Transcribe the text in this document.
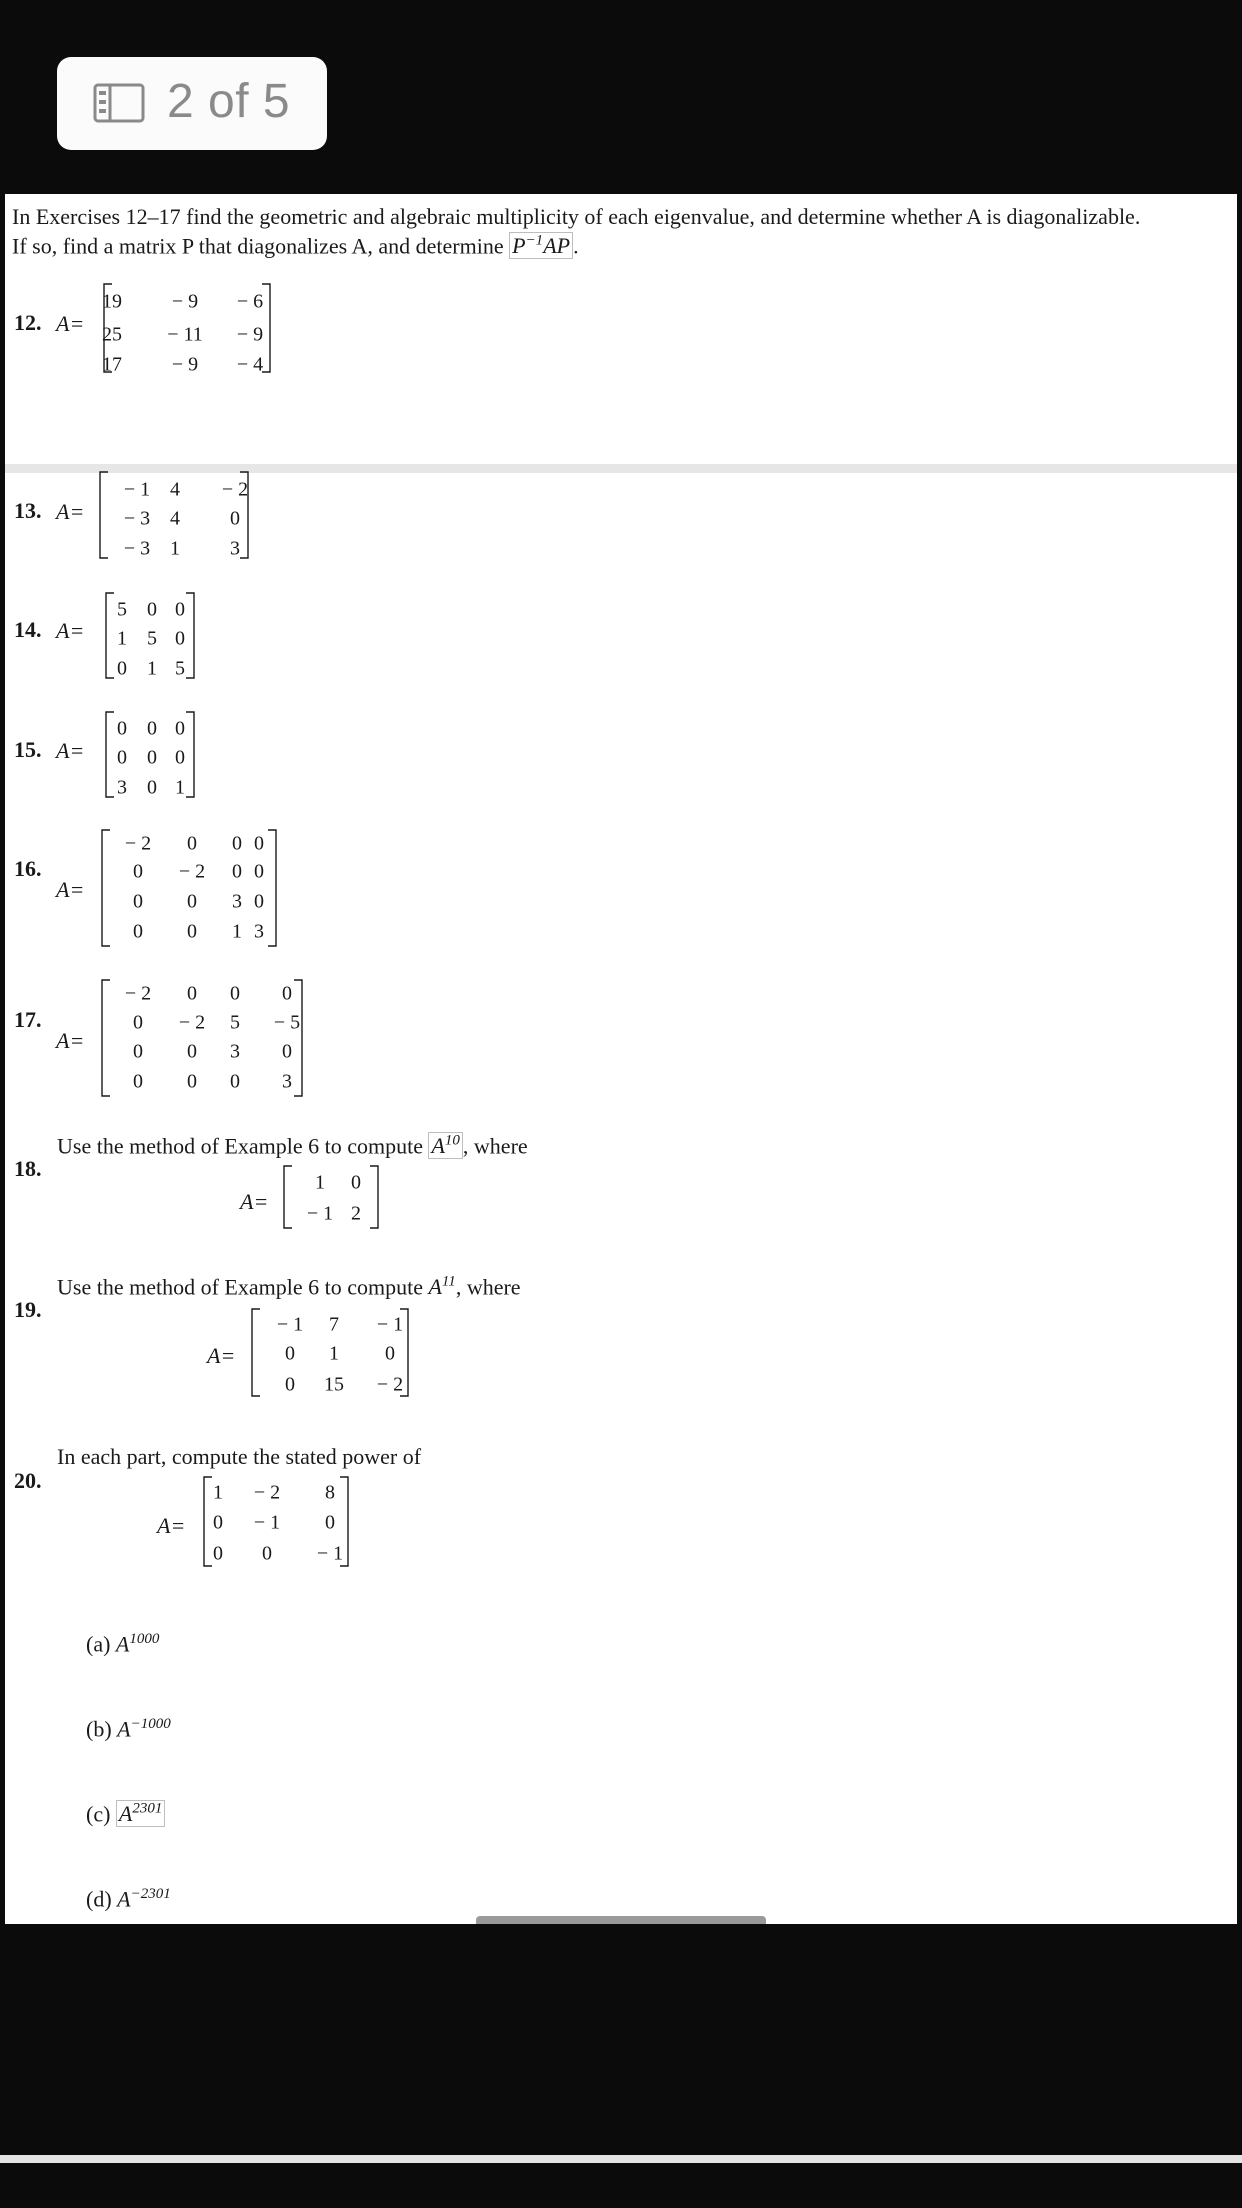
2 of 5
In Exercises 12–17 find the geometric and algebraic multiplicity of each eigenvalue, and determine whether A is diagonalizable.
If so, find a matrix P that diagonalizes A, and determine $P^{-1}AP$ .
12. A=
19 − 9 − 6
25 − 11 − 9
17 − 9 − 4
13. A=
− 1 4 − 2
− 3 4	0
− 3 1	3
14. A=
5 0 0
1 5 0
0 1 5
15. A=
0 0 0
0 0 0
3 0 1
16.
A=
− 2 0 0 0
0 − 2 0 0
0 0 3 0
0 0 1 3
17.
A=
− 2 0 0 0
0 − 2 5 − 5
0 0 3 0
0 0 0 3
18.
Use the method of Example 6 to compute $A^{10}$ , where
A=
1 0
− 1 2
19.
Use the method of Example 6 to compute $A^{11}$, where
A=
− 1 7 − 1
0 1 0
0 15 − 2
20.
In each part, compute the stated power of
A=
1 − 2 8
0 − 1 0
0 0 − 1
(a) $A^{1000}$
(b) $A^{-1000}$
(c) $A^{2301}$
(d) $A^{-2301}$
